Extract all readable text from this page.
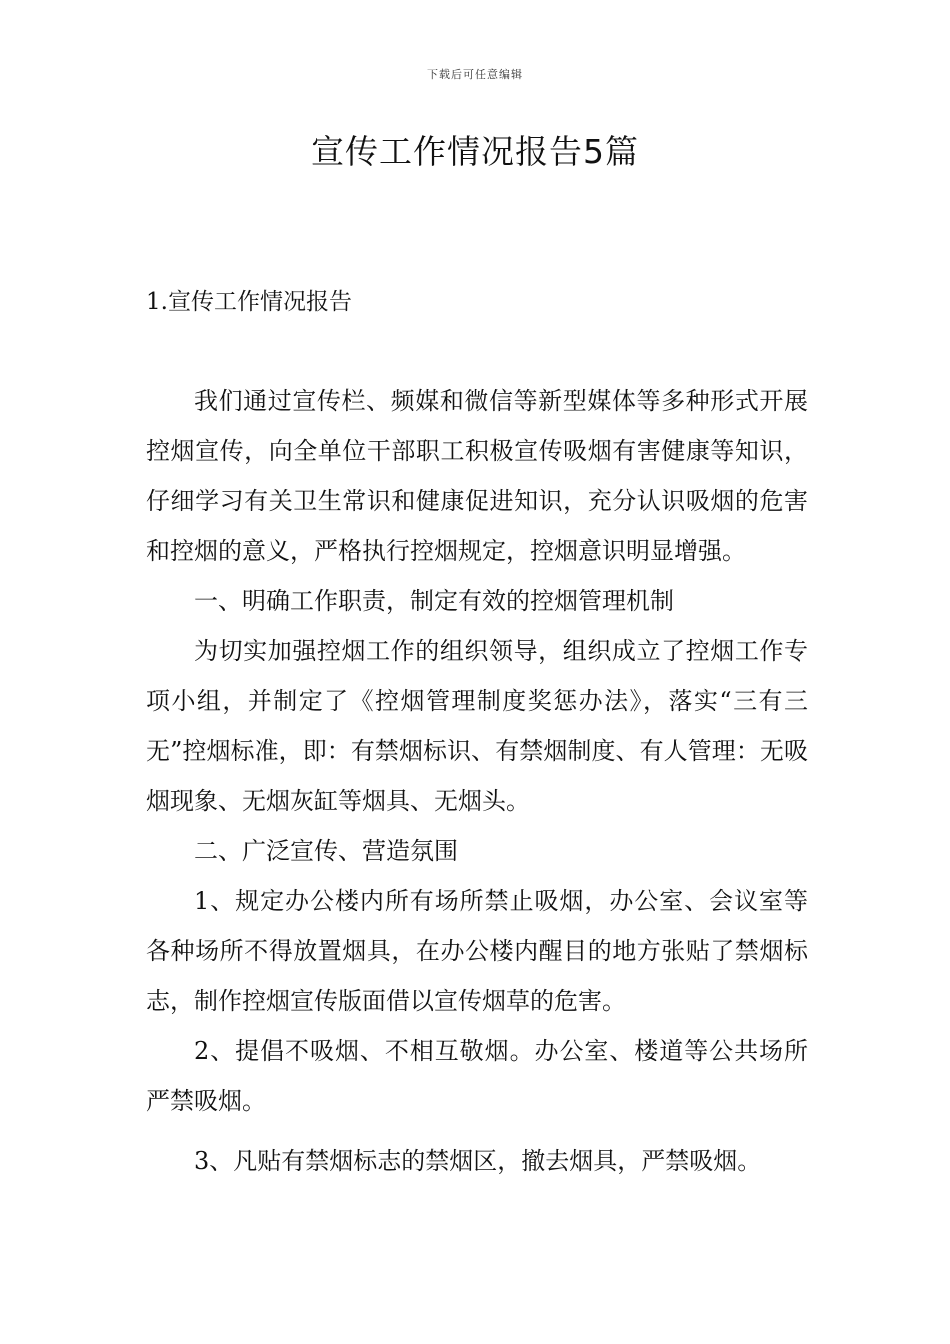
下载后可任意编辑
宣传工作情况报告5篇
1.宣传工作情况报告

我们通过宣传栏、频媒和微信等新型媒体等多种形式开展控烟宣传，向全单位干部职工积极宣传吸烟有害健康等知识，仔细学习有关卫生常识和健康促进知识，充分认识吸烟的危害和控烟的意义，严格执行控烟规定，控烟意识明显增强。

一、明确工作职责，制定有效的控烟管理机制

为切实加强控烟工作的组织领导，组织成立了控烟工作专项小组，并制定了《控烟管理制度奖惩办法》，落实“三有三无”控烟标准，即：有禁烟标识、有禁烟制度、有人管理：无吸烟现象、无烟灰缸等烟具、无烟头。

二、广泛宣传、营造氛围

1、规定办公楼内所有场所禁止吸烟，办公室、会议室等各种场所不得放置烟具，在办公楼内醒目的地方张贴了禁烟标志，制作控烟宣传版面借以宣传烟草的危害。

2、提倡不吸烟、不相互敬烟。办公室、楼道等公共场所严禁吸烟。

3、凡贴有禁烟标志的禁烟区，撤去烟具，严禁吸烟。
